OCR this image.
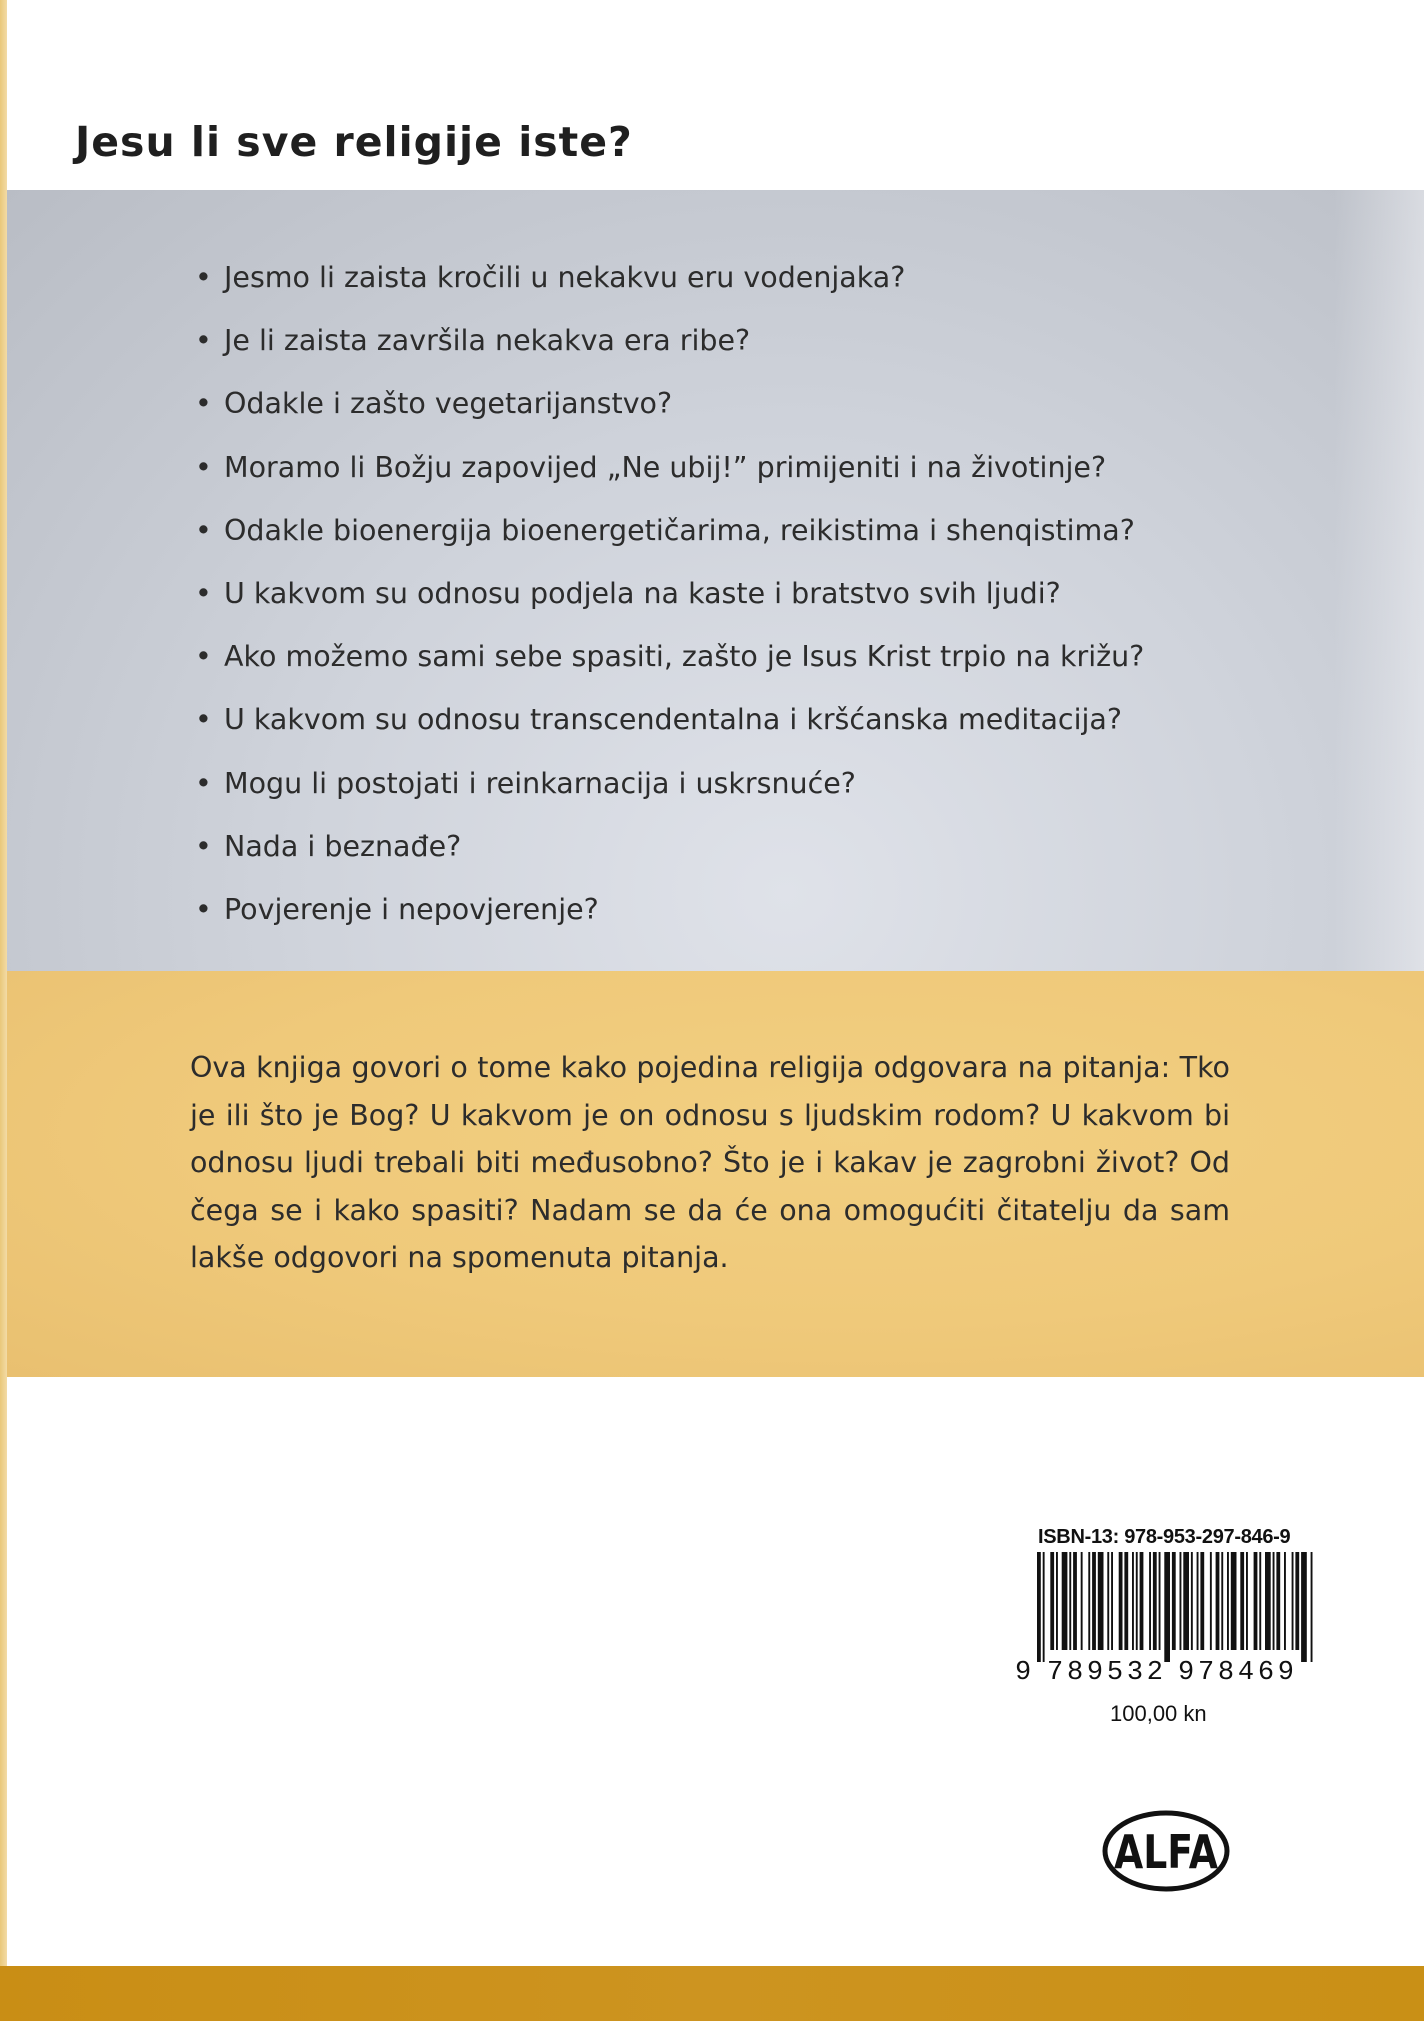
Jesu li sve religije iste?
• Jesmo li zaista kročili u nekakvu eru vodenjaka?
• Je li zaista završila nekakva era ribe?
• Odakle i zašto vegetarijanstvo?
• Moramo li Božju zapovijed „Ne ubij!” primijeniti i na životinje?
• Odakle bioenergija bioenergetičarima, reikistima i shenqistima?
• U kakvom su odnosu podjela na kaste i bratstvo svih ljudi?
• Ako možemo sami sebe spasiti, zašto je Isus Krist trpio na križu?
• U kakvom su odnosu transcendentalna i kršćanska meditacija?
• Mogu li postojati i reinkarnacija i uskrsnuće?
• Nada i beznađe?
• Povjerenje i nepovjerenje?

Ova knjiga govori o tome kako pojedina religija odgovara na pitanja: Tko je ili što je Bog? U kakvom je on odnosu s ljudskim rodom? U kakvom bi odnosu ljudi trebali biti međusobno? Što je i kakav je zagrobni život? Od čega se i kako spasiti? Nadam se da će ona omogućiti čitatelju da sam lakše odgovori na spomenuta pitanja.

ISBN-13: 978-953-297-846-9

9 789532 978469

100,00 kn

ALFA
